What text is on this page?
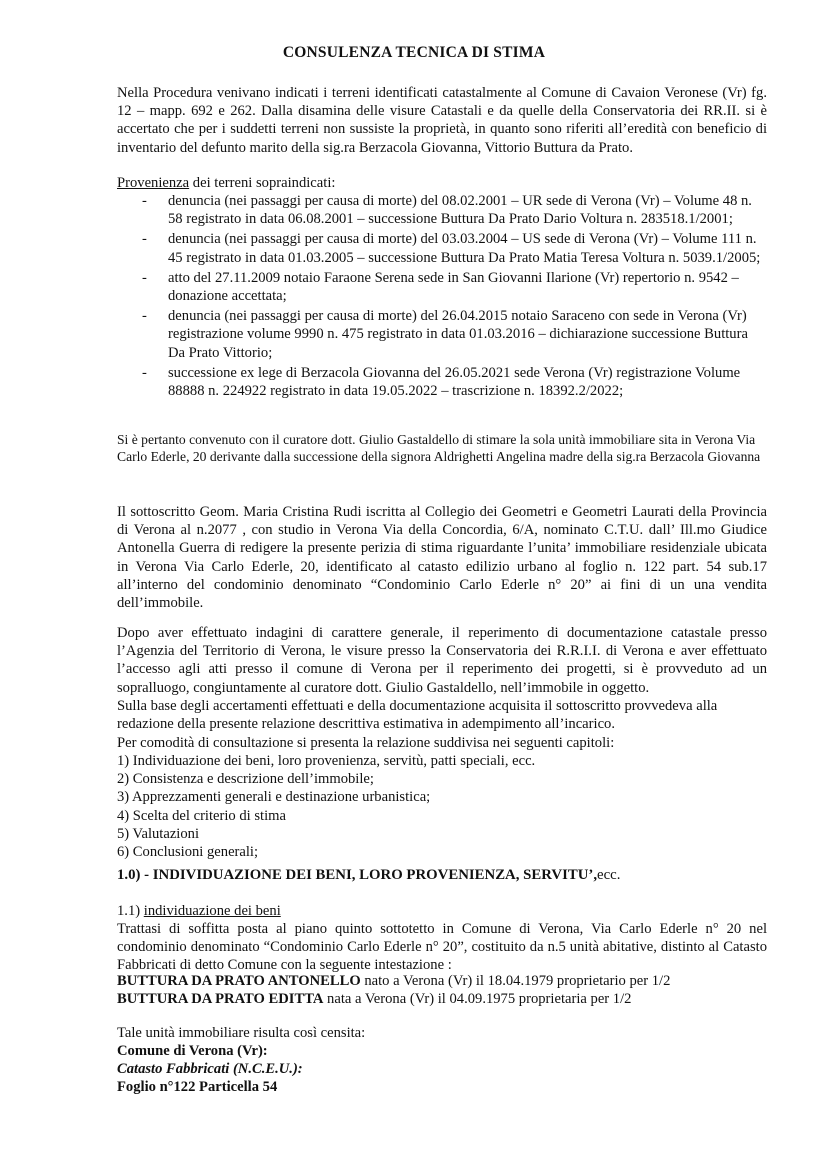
CONSULENZA TECNICA DI STIMA

Nella Procedura venivano indicati i terreni identificati catastalmente al Comune di Cavaion Veronese (Vr) fg. 12 – mapp. 692 e 262. Dalla disamina delle visure Catastali e da quelle della Conservatoria dei RR.II. si è accertato che per i suddetti terreni non sussiste la proprietà, in quanto sono riferiti all’eredità con beneficio di inventario del defunto marito della sig.ra Berzacola Giovanna, Vittorio Buttura da Prato.

Provenienza dei terreni sopraindicati:

- denuncia (nei passaggi per causa di morte) del 08.02.2001 – UR sede di Verona (Vr) – Volume 48 n. 58 registrato in data 06.08.2001 – successione Buttura Da Prato Dario Voltura n. 283518.1/2001;
- denuncia (nei passaggi per causa di morte) del 03.03.2004 – US sede di Verona (Vr) – Volume 111 n. 45 registrato in data 01.03.2005 – successione Buttura Da Prato Matia Teresa Voltura n. 5039.1/2005;
- atto del 27.11.2009 notaio Faraone Serena sede in San Giovanni Ilarione (Vr) repertorio n. 9542 – donazione accettata;
- denuncia (nei passaggi per causa di morte) del 26.04.2015 notaio Saraceno con sede in Verona (Vr) registrazione volume 9990 n. 475 registrato in data 01.03.2016 – dichiarazione successione Buttura Da Prato Vittorio;
- successione ex lege di Berzacola Giovanna del 26.05.2021 sede Verona (Vr) registrazione Volume 88888 n. 224922 registrato in data 19.05.2022 – trascrizione n. 18392.2/2022;

Si è pertanto convenuto con il curatore dott. Giulio Gastaldello di stimare la sola unità immobiliare sita in Verona Via Carlo Ederle, 20 derivante dalla successione della signora Aldrighetti Angelina madre della sig.ra Berzacola Giovanna

Il sottoscritto Geom. Maria Cristina Rudi iscritta al Collegio dei Geometri e Geometri Laurati della Provincia di Verona al n.2077 , con studio in Verona Via della Concordia, 6/A, nominato C.T.U. dall’ Ill.mo Giudice Antonella Guerra di redigere la presente perizia di stima riguardante l’unita’ immobiliare residenziale ubicata in Verona Via Carlo Ederle, 20, identificato al catasto edilizio urbano al foglio n. 122 part. 54 sub.17 all’interno del condominio denominato “Condominio Carlo Ederle n° 20” ai fini di un una vendita dell’immobile.

Dopo aver effettuato indagini di carattere generale, il reperimento di documentazione catastale presso l’Agenzia del Territorio di Verona, le visure presso la Conservatoria dei R.R.I.I. di Verona e aver effettuato l’accesso agli atti presso il comune di Verona per il reperimento dei progetti, si è provveduto ad un sopralluogo, congiuntamente al curatore dott. Giulio Gastaldello, nell’immobile in oggetto.

Sulla base degli accertamenti effettuati e della documentazione acquisita il sottoscritto provvedeva alla redazione della presente relazione descrittiva estimativa in adempimento all’incarico.

Per comodità di consultazione si presenta la relazione suddivisa nei seguenti capitoli:

1) Individuazione dei beni, loro provenienza, servitù, patti speciali, ecc.
2) Consistenza e descrizione dell’immobile;
3) Apprezzamenti generali e destinazione urbanistica;
4) Scelta del criterio di stima
5) Valutazioni
6) Conclusioni generali;
1.0) - INDIVIDUAZIONE DEI BENI, LORO PROVENIENZA, SERVITU’,ecc.

1.1) individuazione dei beni

Trattasi di soffitta posta al piano quinto sottotetto in Comune di Verona, Via Carlo Ederle n° 20 nel condominio denominato “Condominio Carlo Ederle n° 20”, costituito da n.5 unità abitative, distinto al Catasto Fabbricati di detto Comune con la seguente intestazione :

BUTTURA DA PRATO ANTONELLO nato a Verona (Vr) il 18.04.1979 proprietario per 1/2

BUTTURA DA PRATO EDITTA nata a Verona (Vr) il 04.09.1975 proprietaria per 1/2

Tale unità immobiliare risulta così censita:

Comune di Verona (Vr):

Catasto Fabbricati (N.C.E.U.):

Foglio n°122 Particella 54
